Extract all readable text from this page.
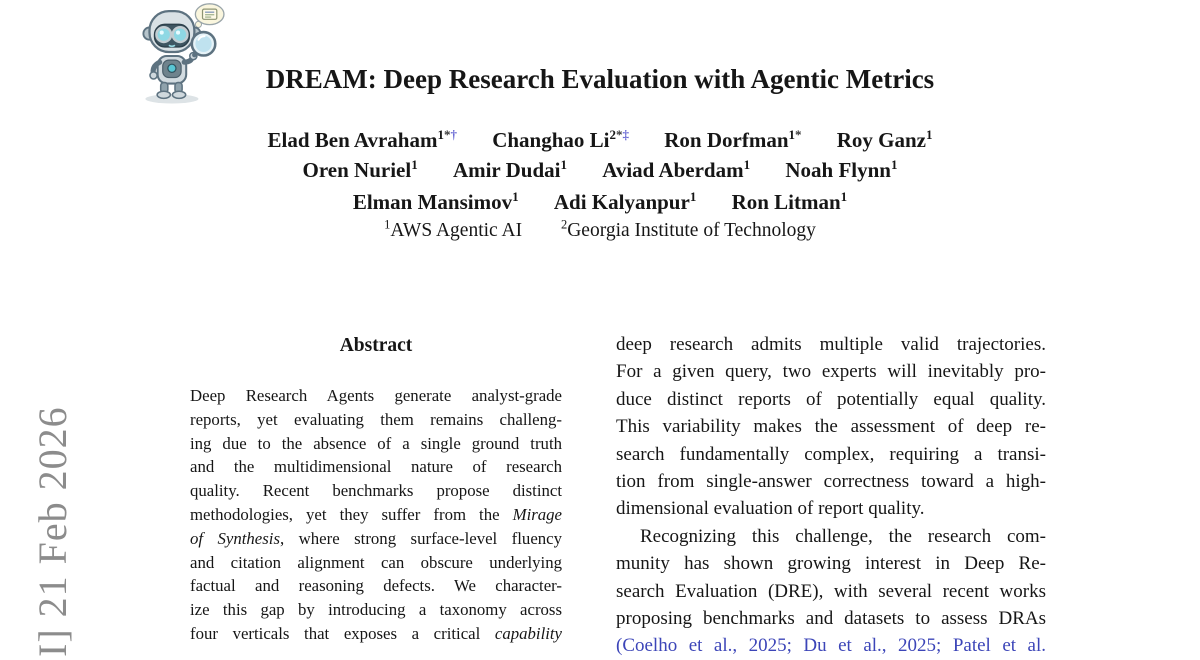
I] 21 Feb 2026
DREAM: Deep Research Evaluation with Agentic Metrics
Elad Ben Avraham$^{1*\dagger}$ Changhao $Li^{2*\ddagger}$ Ron Dorfman$^{1*}$ Roy Ganz$^1$
Oren Nuriel$^1$ Amir Dudai$^1$ Aviad Aberdam$^1$ Noah Flynn$^1$
Elman Mansimov$^1$ Adi Kalyanpur$^1$ Ron Litman$^1$
$^1$AWS Agentic AI	$^2$Georgia Institute of Technology
Abstract
Deep Research Agents generate analyst-grade
reports, yet evaluating them remains challeng-
ing due to the absence of a single ground truth
and the multidimensional nature of research
quality. Recent benchmarks propose distinct
methodologies, yet they suffer from the Mirage
of Synthesis, where strong surface-level fluency
and citation alignment can obscure underlying
factual and reasoning defects. We character-
ize this gap by introducing a taxonomy across
four verticals that exposes a critical capability
deep research admits multiple valid trajectories.
For a given query, two experts will inevitably pro-
duce distinct reports of potentially equal quality.
This variability makes the assessment of deep re-
search fundamentally complex, requiring a transi-
tion from single-answer correctness toward a high-
dimensional evaluation of report quality.
Recognizing this challenge, the research com-
munity has shown growing interest in Deep Re-
search Evaluation (DRE), with several recent works
proposing benchmarks and datasets to assess DRAs
(Coelho et al., 2025; Du et al., 2025; Patel et al.
